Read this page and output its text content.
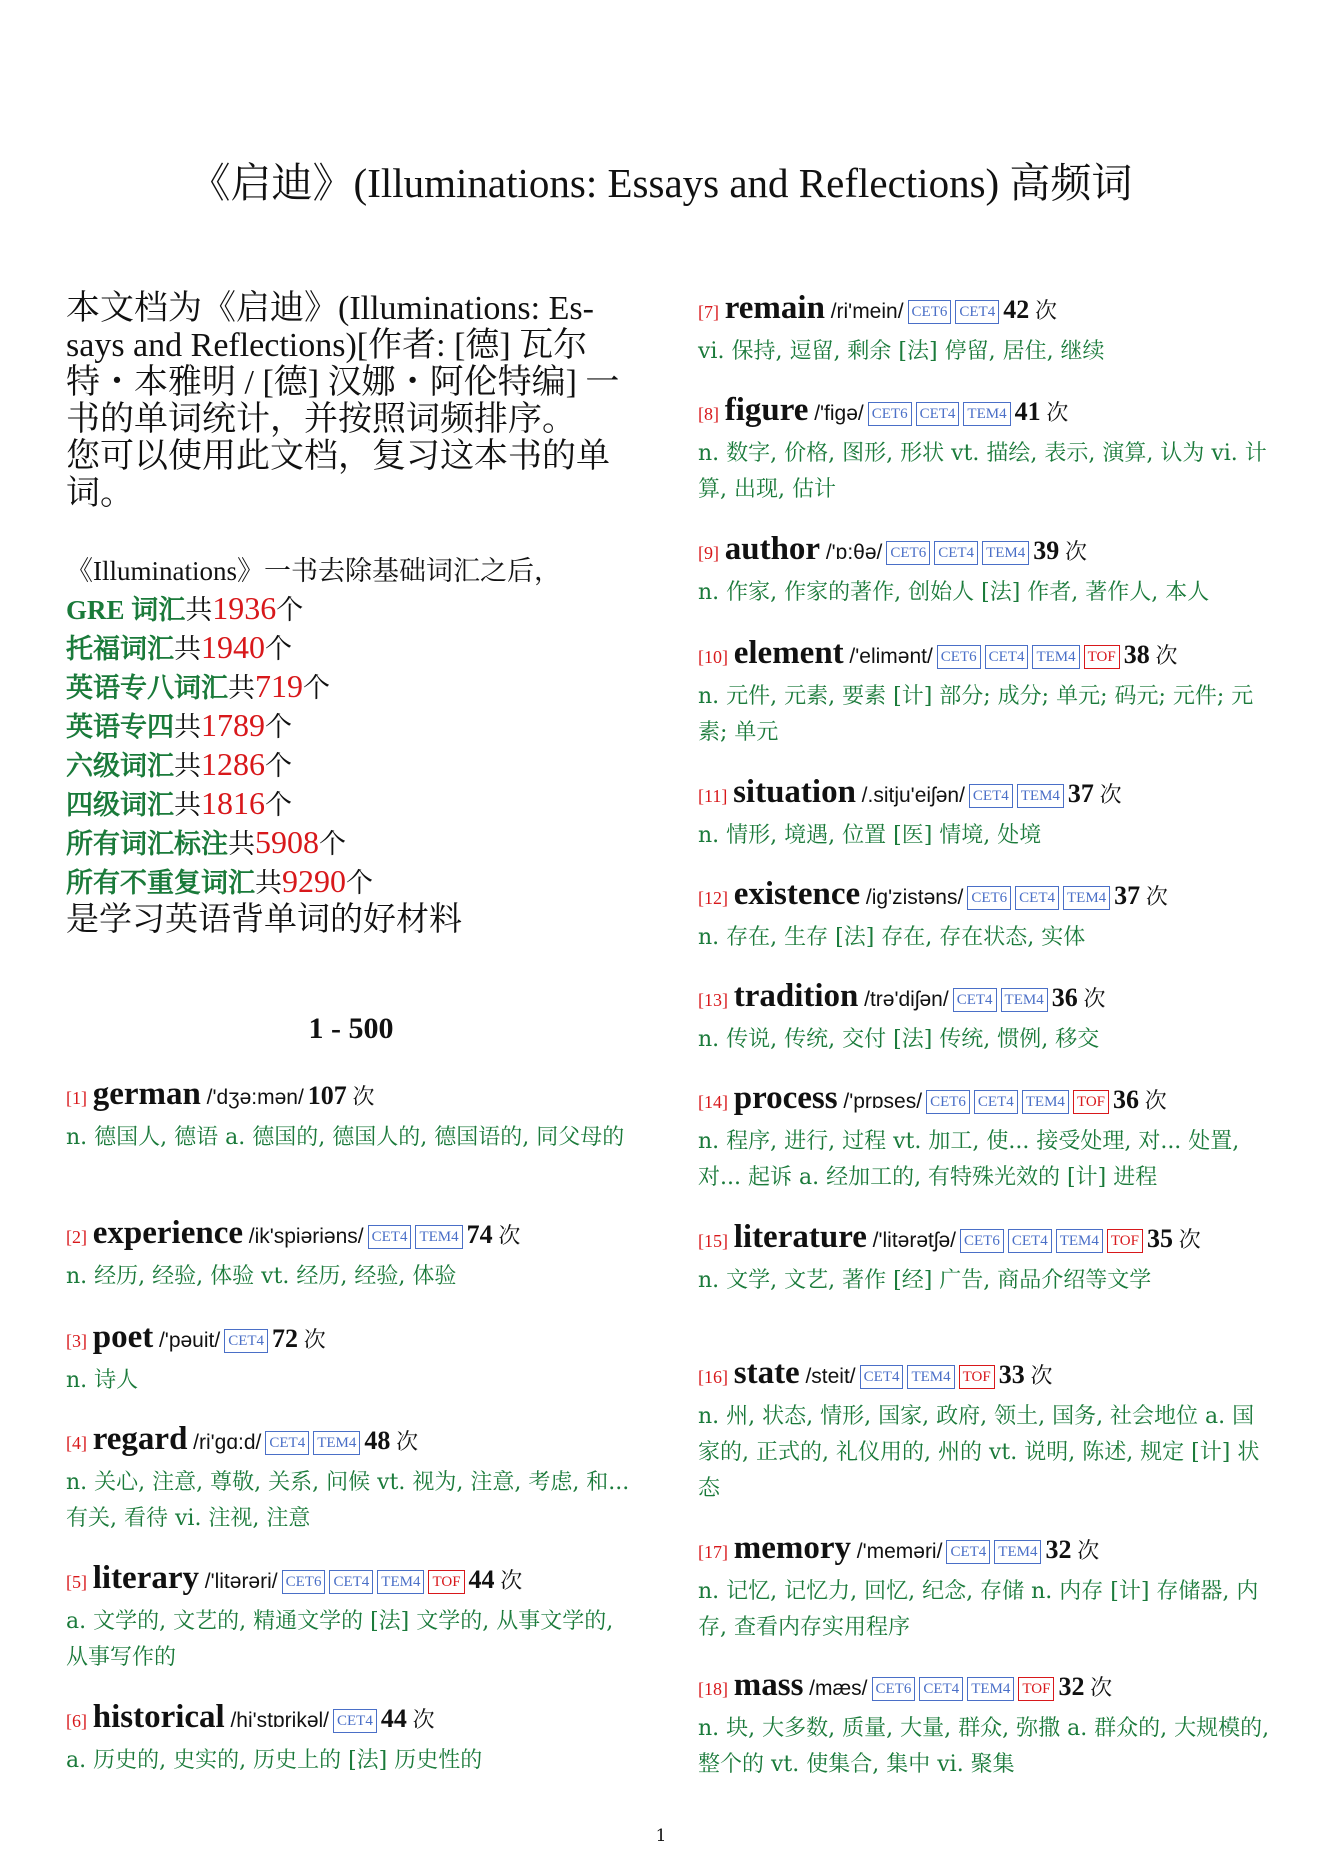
《启迪》(Illuminations: Essays and Reflections) 高频词

本文档为《启迪》(Illuminations: Es-

says and Reflections)[作者: [德] 瓦尔

特・本雅明 / [德] 汉娜・阿伦特编] 一

书的单词统计，并按照词频排序。

您可以使用此文档，复习这本书的单

词。

《Illuminations》一书去除基础词汇之后，
GRE 词汇共1936个
托福词汇共1940个
英语专八词汇共719个
英语专四共1789个
六级词汇共1286个
四级词汇共1816个
所有词汇标注共5908个
所有不重复词汇共9290个
是学习英语背单词的好材料
1 - 500
[1] german /'dʒə:mən/ 107 次
n. 德国人, 德语 a. 德国的, 德国人的, 德国语的, 同父母的
[2] experience /ik'spiəriəns/ CET4 TEM4 74 次
n. 经历, 经验, 体验 vt. 经历, 经验, 体验
[3] poet /'pəuit/ CET4 72 次
n. 诗人
[4] regard /ri'gɑ:d/ CET4 TEM4 48 次
n. 关心, 注意, 尊敬, 关系, 问候 vt. 视为, 注意, 考虑, 和...有关, 看待 vi. 注视, 注意
[5] literary /'litərəri/ CET6 CET4 TEM4 TOF 44 次
a. 文学的, 文艺的, 精通文学的 [法] 文学的, 从事文学的, 从事写作的
[6] historical /hi'stɒrikəl/ CET4 44 次
a. 历史的, 史实的, 历史上的 [法] 历史性的
[7] remain /ri'mein/ CET6 CET4 42 次
vi. 保持, 逗留, 剩余 [法] 停留, 居住, 继续
[8] figure /'figə/ CET6 CET4 TEM4 41 次
n. 数字, 价格, 图形, 形状 vt. 描绘, 表示, 演算, 认为 vi. 计算, 出现, 估计
[9] author /'ɒ:θə/ CET6 CET4 TEM4 39 次
n. 作家, 作家的著作, 创始人 [法] 作者, 著作人, 本人
[10] element /'elimənt/ CET6 CET4 TEM4 TOF 38 次
n. 元件, 元素, 要素 [计] 部分; 成分; 单元; 码元; 元件; 元素; 单元
[11] situation /.sitju'eiʃən/ CET4 TEM4 37 次
n. 情形, 境遇, 位置 [医] 情境, 处境
[12] existence /ig'zistəns/ CET6 CET4 TEM4 37 次
n. 存在, 生存 [法] 存在, 存在状态, 实体
[13] tradition /trə'diʃən/ CET4 TEM4 36 次
n. 传说, 传统, 交付 [法] 传统, 惯例, 移交
[14] process /'prɒses/ CET6 CET4 TEM4 TOF 36 次
n. 程序, 进行, 过程 vt. 加工, 使... 接受处理, 对... 处置, 对... 起诉 a. 经加工的, 有特殊光效的 [计] 进程
[15] literature /'litərətʃə/ CET6 CET4 TEM4 TOF 35 次
n. 文学, 文艺, 著作 [经] 广告, 商品介绍等文学
[16] state /steit/ CET4 TEM4 TOF 33 次
n. 州, 状态, 情形, 国家, 政府, 领土, 国务, 社会地位 a. 国家的, 正式的, 礼仪用的, 州的 vt. 说明, 陈述, 规定 [计] 状态
[17] memory /'meməri/ CET4 TEM4 32 次
n. 记忆, 记忆力, 回忆, 纪念, 存储 n. 内存 [计] 存储器, 内存, 查看内存实用程序
[18] mass /mæs/ CET6 CET4 TEM4 TOF 32 次
n. 块, 大多数, 质量, 大量, 群众, 弥撒 a. 群众的, 大规模的, 整个的 vt. 使集合, 集中 vi. 聚集
1
